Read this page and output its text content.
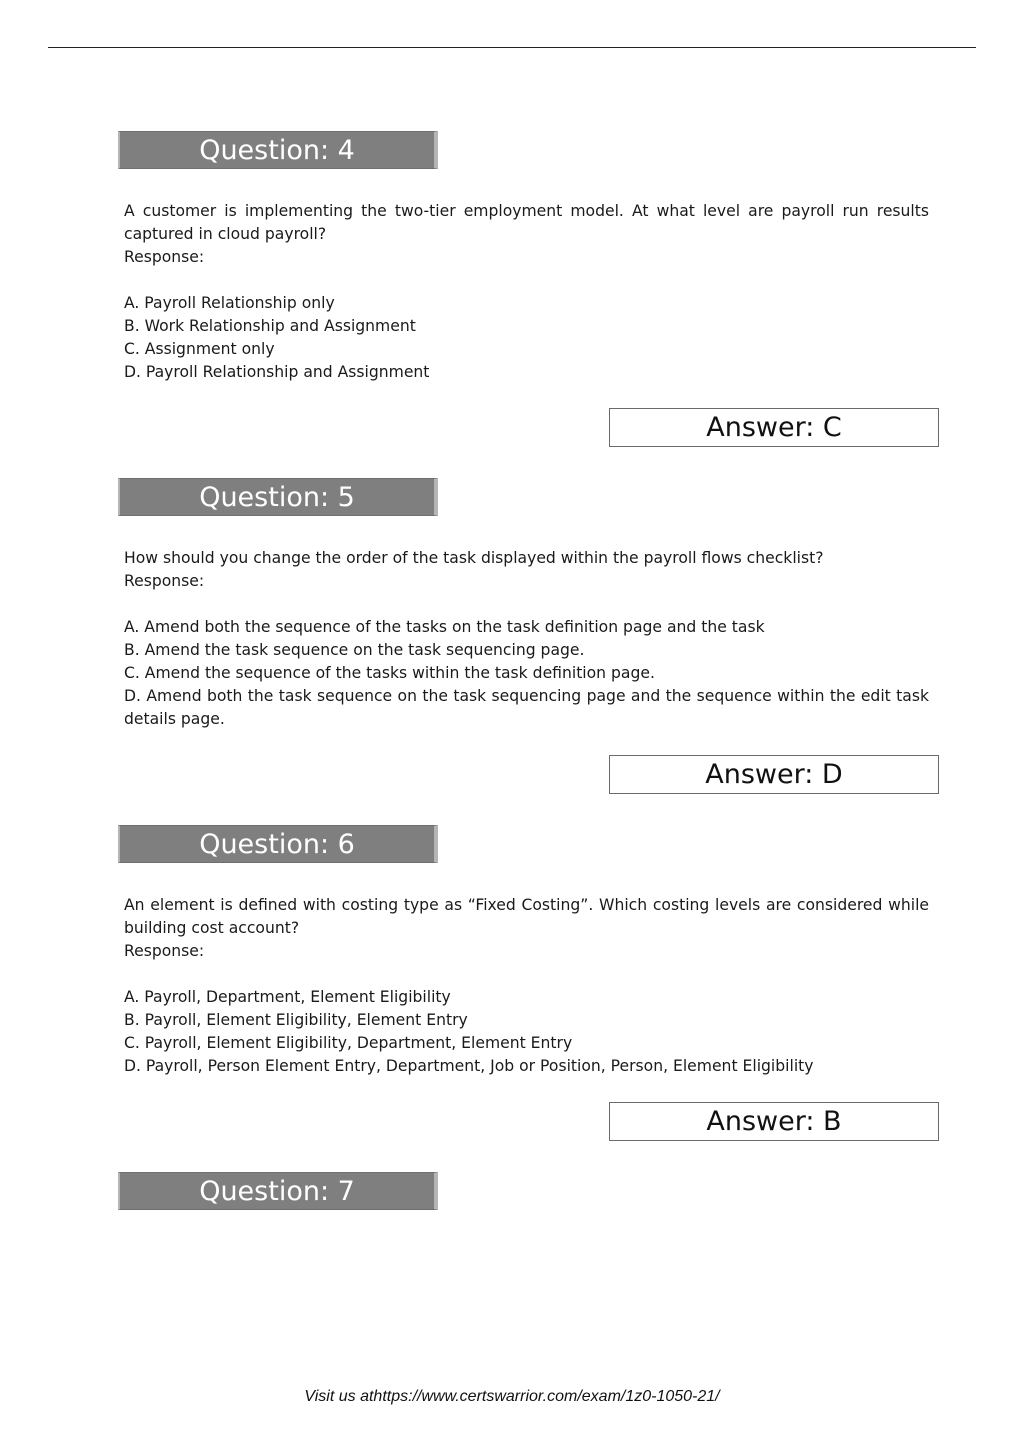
Question: 4

A customer is implementing the two-tier employment model. At what level are payroll run results captured in cloud payroll?

Response:

A. Payroll Relationship only
B. Work Relationship and Assignment
C. Assignment only
D. Payroll Relationship and Assignment
Answer: C
Question: 5

How should you change the order of the task displayed within the payroll flows checklist?

Response:

A. Amend both the sequence of the tasks on the task definition page and the task
B. Amend the task sequence on the task sequencing page.
C. Amend the sequence of the tasks within the task definition page.
D. Amend both the task sequence on the task sequencing page and the sequence within the edit task details page.
Answer: D
Question: 6

An element is defined with costing type as “Fixed Costing”. Which costing levels are considered while building cost account?

Response:

A. Payroll, Department, Element Eligibility
B. Payroll, Element Eligibility, Element Entry
C. Payroll, Element Eligibility, Department, Element Entry
D. Payroll, Person Element Entry, Department, Job or Position, Person, Element Eligibility
Answer: B
Question: 7
Visit us athttps://www.certswarrior.com/exam/1z0-1050-21/
